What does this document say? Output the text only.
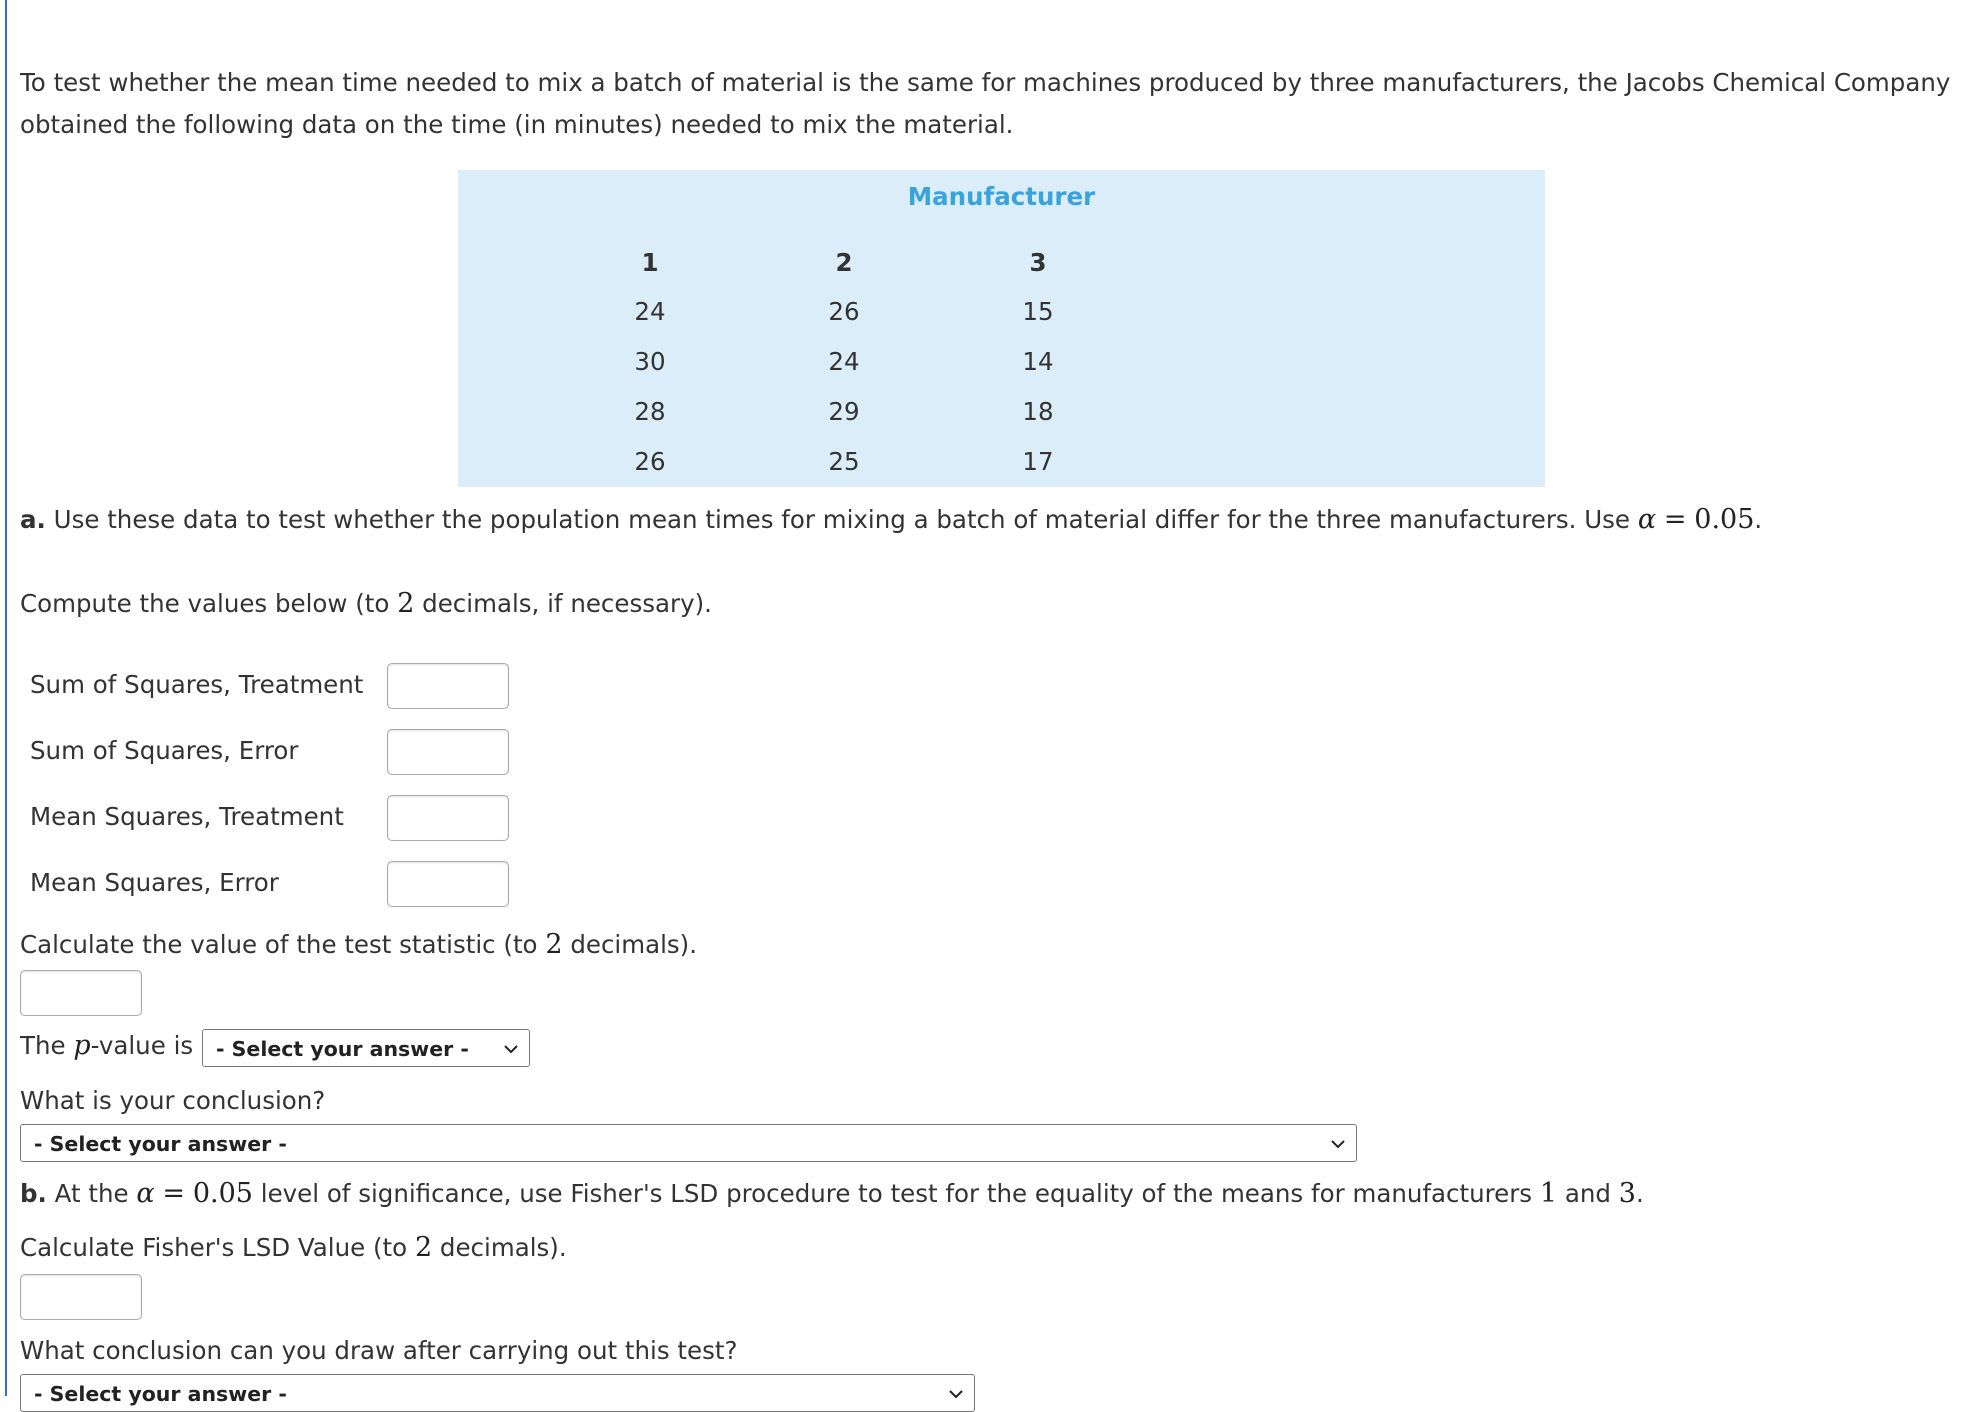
To test whether the mean time needed to mix a batch of material is the same for machines produced by three manufacturers, the Jacobs Chemical Company
obtained the following data on the time (in minutes) needed to mix the material.
Manufacturer
1	2	3
24	26	15
30	24	14
28	29	18
26	25	17
a. Use these data to test whether the population mean times for mixing a batch of material differ for the three manufacturers. Use α = 0.05.
Compute the values below (to 2 decimals, if necessary).
Sum of Squares, Treatment
Sum of Squares, Error
Mean Squares, Treatment
Mean Squares, Error
Calculate the value of the test statistic (to 2 decimals).
The p-value is - Select your answer -
What is your conclusion?
- Select your answer -
b. At the α = 0.05 level of significance, use Fisher's LSD procedure to test for the equality of the means for manufacturers 1 and 3.
Calculate Fisher's LSD Value (to 2 decimals).
What conclusion can you draw after carrying out this test?
- Select your answer -
